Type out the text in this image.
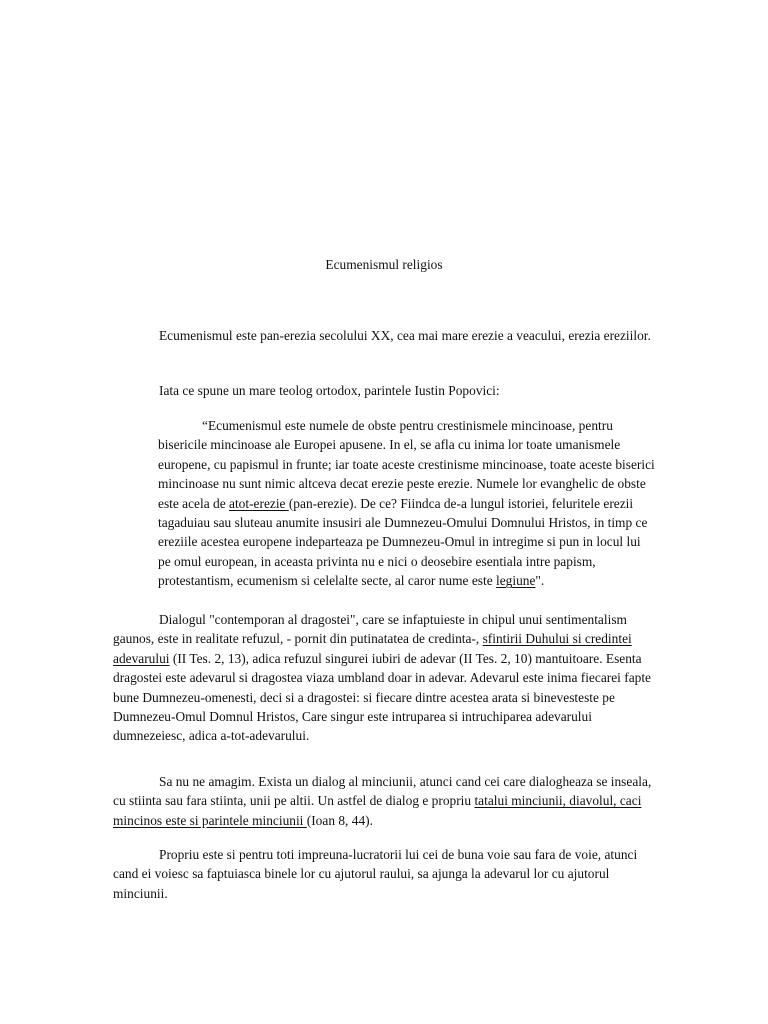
Ecumenismul religios

Ecumenismul este pan-erezia secolului XX, cea mai mare erezie a veacului, erezia ereziilor.

Iata ce spune un mare teolog ortodox, parintele Iustin Popovici:

“Ecumenismul este numele de obste pentru crestinismele mincinoase, pentru bisericile mincinoase ale Europei apusene. In el, se afla cu inima lor toate umanismele europene, cu papismul in frunte; iar toate aceste crestinisme mincinoase, toate aceste biserici mincinoase nu sunt nimic altceva decat erezie peste erezie. Numele lor evanghelic de obste este acela de atot-erezie (pan-erezie). De ce? Fiindca de-a lungul istoriei, feluritele erezii tagaduiau sau sluteau anumite insusiri ale Dumnezeu-Omului Domnului Hristos, in timp ce ereziile acestea europene indeparteaza pe Dumnezeu-Omul in intregime si pun in locul lui pe omul european, in aceasta privinta nu e nici o deosebire esentiala intre papism, protestantism, ecumenism si celelalte secte, al caror nume este legiune".

Dialogul "contemporan al dragostei", care se infaptuieste in chipul unui sentimentalism gaunos, este in realitate refuzul, - pornit din putinatatea de credinta-, sfintirii Duhului si credintei adevarului (II Tes. 2, 13), adica refuzul singurei iubiri de adevar (II Tes. 2, 10) mantuitoare. Esenta dragostei este adevarul si dragostea viaza umbland doar in adevar. Adevarul este inima fiecarei fapte bune Dumnezeu-omenesti, deci si a dragostei: si fiecare dintre acestea arata si binevesteste pe Dumnezeu-Omul Domnul Hristos, Care singur este intruparea si intruchiparea adevarului dumnezeiesc, adica a-tot-adevarului.

Sa nu ne amagim. Exista un dialog al minciunii, atunci cand cei care dialogheaza se inseala, cu stiinta sau fara stiinta, unii pe altii. Un astfel de dialog e propriu tatalui minciunii, diavolul, caci mincinos este si parintele minciunii (Ioan 8, 44).

Propriu este si pentru toti impreuna-lucratorii lui cei de buna voie sau fara de voie, atunci cand ei voiesc sa faptuiasca binele lor cu ajutorul raului, sa ajunga la adevarul lor cu ajutorul minciunii.
